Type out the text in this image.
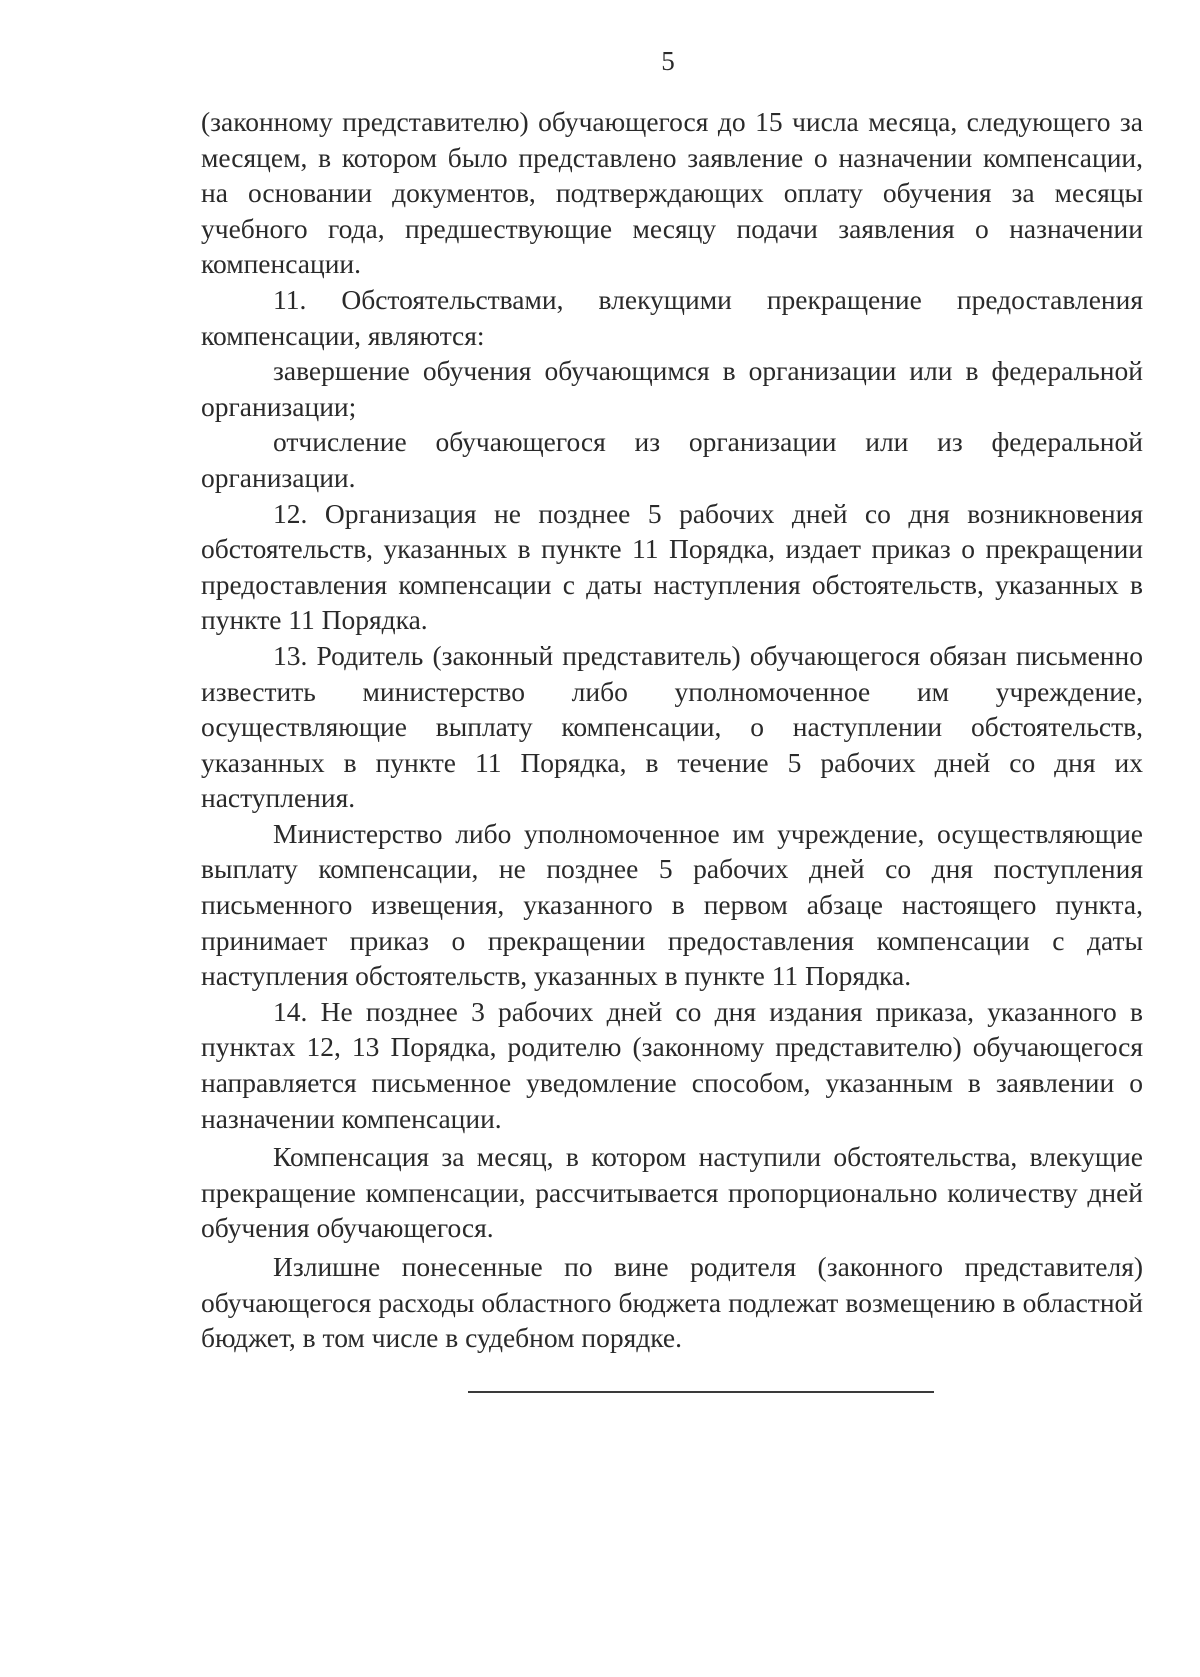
5

(законному представителю) обучающегося до 15 числа месяца, следующего за месяцем, в котором было представлено заявление о назначении компенсации, на основании документов, подтверждающих оплату обучения за месяцы учебного года, предшествующие месяцу подачи заявления о назначении компенсации.

11. Обстоятельствами, влекущими прекращение предоставления компенсации, являются:

завершение обучения обучающимся в организации или в федеральной организации;

отчисление обучающегося из организации или из федеральной организации.

12. Организация не позднее 5 рабочих дней со дня возникновения обстоятельств, указанных в пункте 11 Порядка, издает приказ о прекращении предоставления компенсации с даты наступления обстоятельств, указанных в пункте 11 Порядка.

13. Родитель (законный представитель) обучающегося обязан письменно известить министерство либо уполномоченное им учреждение, осуществляющие выплату компенсации, о наступлении обстоятельств, указанных в пункте 11 Порядка, в течение 5 рабочих дней со дня их наступления.

Министерство либо уполномоченное им учреждение, осуществляющие выплату компенсации, не позднее 5 рабочих дней со дня поступления письменного извещения, указанного в первом абзаце настоящего пункта, принимает приказ о прекращении предоставления компенсации с даты наступления обстоятельств, указанных в пункте 11 Порядка.

14. Не позднее 3 рабочих дней со дня издания приказа, указанного в пунктах 12, 13 Порядка, родителю (законному представителю) обучающегося направляется письменное уведомление способом, указанным в заявлении о назначении компенсации.

Компенсация за месяц, в котором наступили обстоятельства, влекущие прекращение компенсации, рассчитывается пропорционально количеству дней обучения обучающегося.

Излишне понесенные по вине родителя (законного представителя) обучающегося расходы областного бюджета подлежат возмещению в областной бюджет, в том числе в судебном порядке.
